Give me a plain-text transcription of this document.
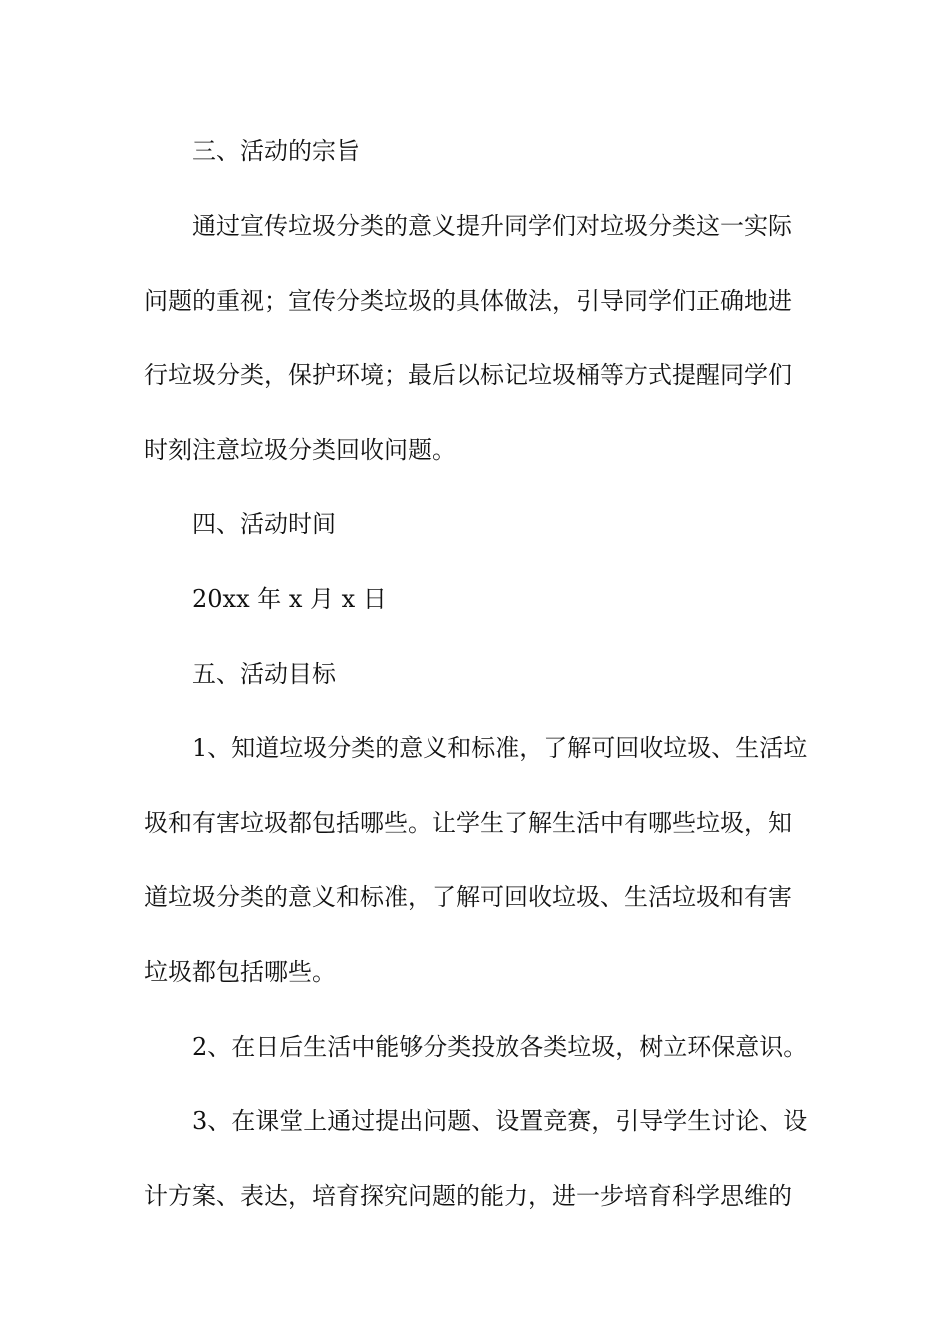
三、活动的宗旨

通过宣传垃圾分类的意义提升同学们对垃圾分类这一实际

问题的重视；宣传分类垃圾的具体做法，引导同学们正确地进

行垃圾分类，保护环境；最后以标记垃圾桶等方式提醒同学们

时刻注意垃圾分类回收问题。

四、活动时间

20xx 年 x 月 x 日

五、活动目标

1、知道垃圾分类的意义和标准，了解可回收垃圾、生活垃

圾和有害垃圾都包括哪些。让学生了解生活中有哪些垃圾，知

道垃圾分类的意义和标准，了解可回收垃圾、生活垃圾和有害

垃圾都包括哪些。

2、在日后生活中能够分类投放各类垃圾，树立环保意识。

3、在课堂上通过提出问题、设置竞赛，引导学生讨论、设

计方案、表达，培育探究问题的能力，进一步培育科学思维的
